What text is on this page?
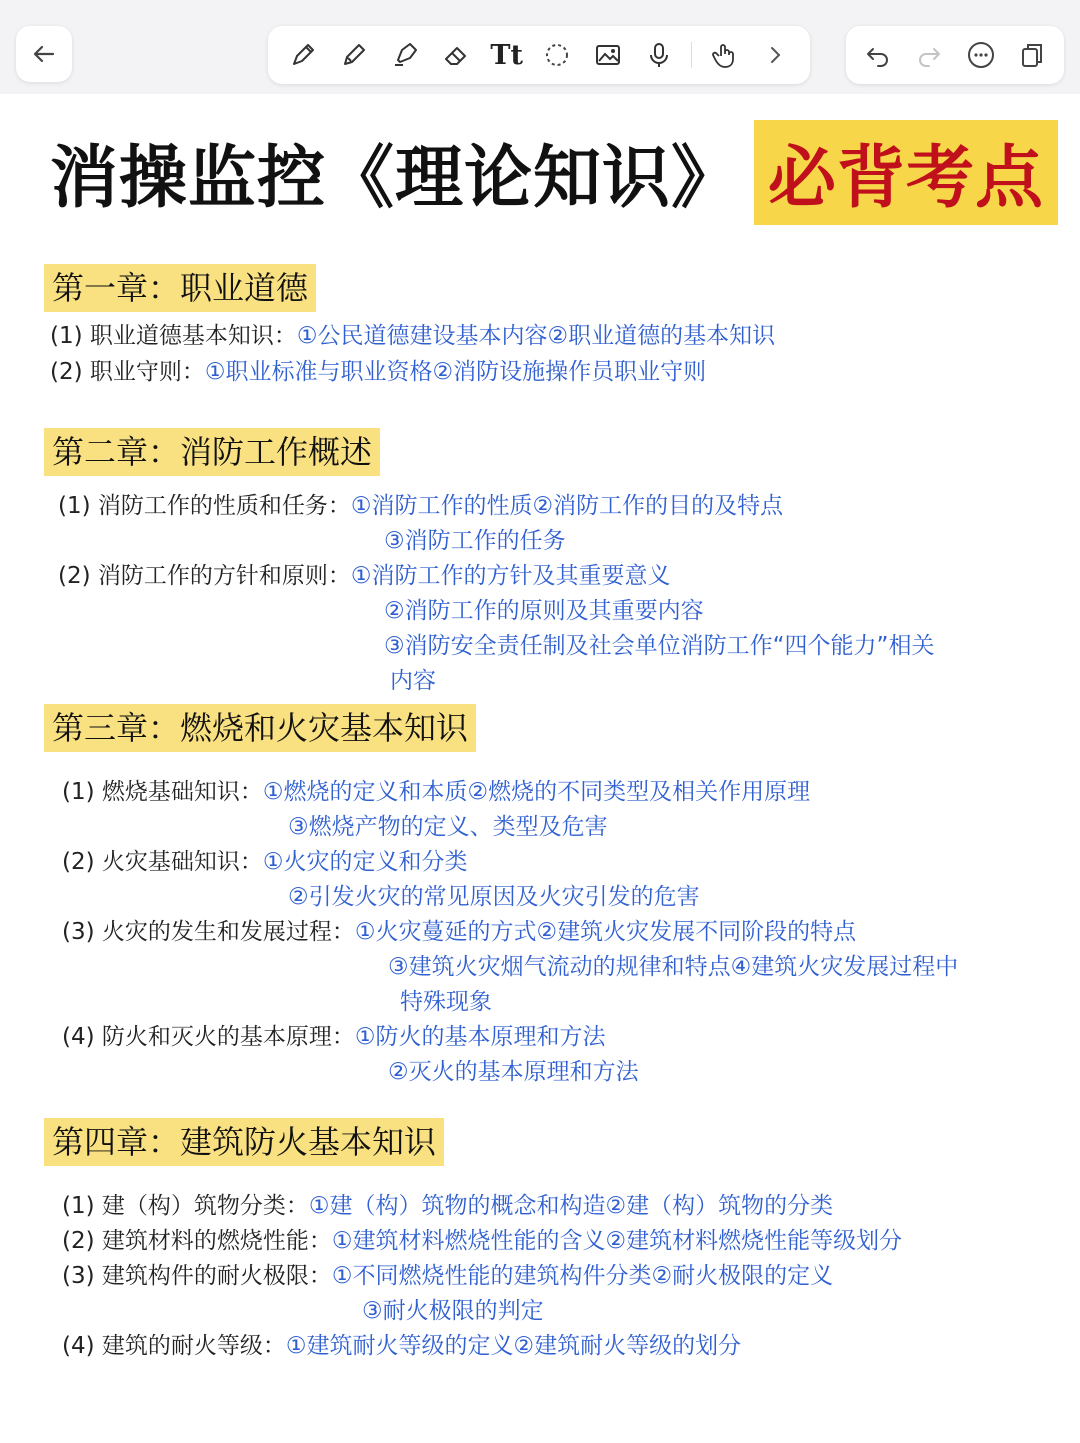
Tt
消操监控《理论知识》 必背考点
第一章：职业道德
(1) 职业道德基本知识：①公民道德建设基本内容②职业道德的基本知识
(2) 职业守则：①职业标准与职业资格②消防设施操作员职业守则
第二章：消防工作概述
(1) 消防工作的性质和任务：①消防工作的性质②消防工作的目的及特点
③消防工作的任务
(2) 消防工作的方针和原则：①消防工作的方针及其重要意义
②消防工作的原则及其重要内容
③消防安全责任制及社会单位消防工作“四个能力”相关
内容
第三章：燃烧和火灾基本知识
(1) 燃烧基础知识：①燃烧的定义和本质②燃烧的不同类型及相关作用原理
③燃烧产物的定义、类型及危害
(2) 火灾基础知识：①火灾的定义和分类
②引发火灾的常见原因及火灾引发的危害
(3) 火灾的发生和发展过程：①火灾蔓延的方式②建筑火灾发展不同阶段的特点
③建筑火灾烟气流动的规律和特点④建筑火灾发展过程中
特殊现象
(4) 防火和灭火的基本原理：①防火的基本原理和方法
②灭火的基本原理和方法
第四章：建筑防火基本知识
(1) 建（构）筑物分类：①建（构）筑物的概念和构造②建（构）筑物的分类
(2) 建筑材料的燃烧性能：①建筑材料燃烧性能的含义②建筑材料燃烧性能等级划分
(3) 建筑构件的耐火极限：①不同燃烧性能的建筑构件分类②耐火极限的定义
③耐火极限的判定
(4) 建筑的耐火等级：①建筑耐火等级的定义②建筑耐火等级的划分
